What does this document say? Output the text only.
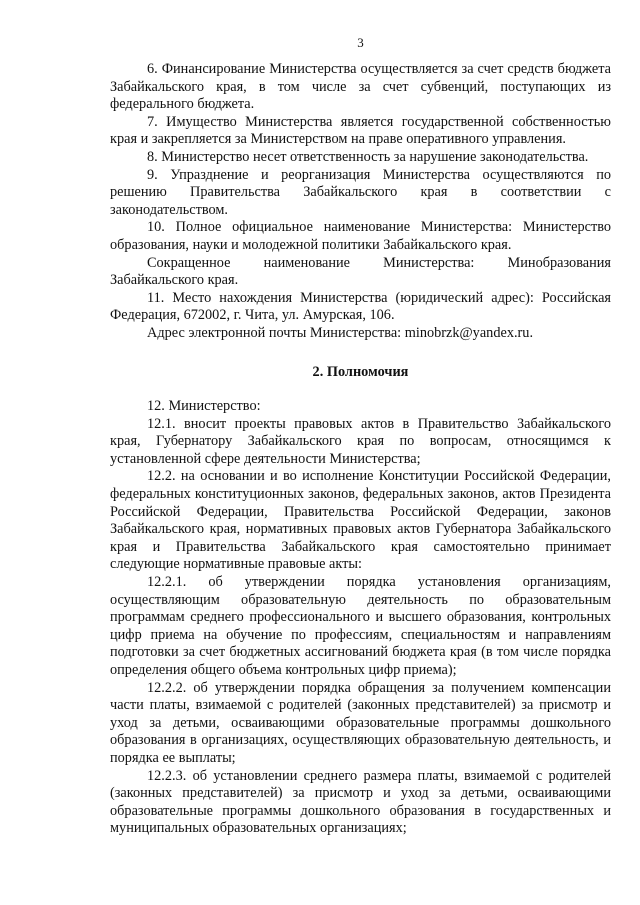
3

6. Финансирование Министерства осуществляется за счет средств бюджета Забайкальского края, в том числе за счет субвенций, поступающих из федерального бюджета.

7. Имущество Министерства является государственной собственностью края и закрепляется за Министерством на праве оперативного управления.

8. Министерство несет ответственность за нарушение законодательства.

9. Упразднение и реорганизация Министерства осуществляются по решению Правительства Забайкальского края в соответствии с законодательством.

10. Полное официальное наименование Министерства: Министерство образования, науки и молодежной политики Забайкальского края.

Сокращенное наименование Министерства: Минобразования Забайкальского края.

11. Место нахождения Министерства (юридический адрес): Российская Федерация, 672002, г. Чита, ул. Амурская, 106.

Адрес электронной почты Министерства: minobrzk@yandex.ru.

2. Полномочия

12. Министерство:

12.1. вносит проекты правовых актов в Правительство Забайкальского края, Губернатору Забайкальского края по вопросам, относящимся к установленной сфере деятельности Министерства;

12.2. на основании и во исполнение Конституции Российской Федерации, федеральных конституционных законов, федеральных законов, актов Президента Российской Федерации, Правительства Российской Федерации, законов Забайкальского края, нормативных правовых актов Губернатора Забайкальского края и Правительства Забайкальского края самостоятельно принимает следующие нормативные правовые акты:

12.2.1. об утверждении порядка установления организациям, осуществляющим образовательную деятельность по образовательным программам среднего профессионального и высшего образования, контрольных цифр приема на обучение по профессиям, специальностям и направлениям подготовки за счет бюджетных ассигнований бюджета края (в том числе порядка определения общего объема контрольных цифр приема);

12.2.2. об утверждении порядка обращения за получением компенсации части платы, взимаемой с родителей (законных представителей) за присмотр и уход за детьми, осваивающими образовательные программы дошкольного образования в организациях, осуществляющих образовательную деятельность, и порядка ее выплаты;

12.2.3. об установлении среднего размера платы, взимаемой с родителей (законных представителей) за присмотр и уход за детьми, осваивающими образовательные программы дошкольного образования в государственных и муниципальных образовательных организациях;
